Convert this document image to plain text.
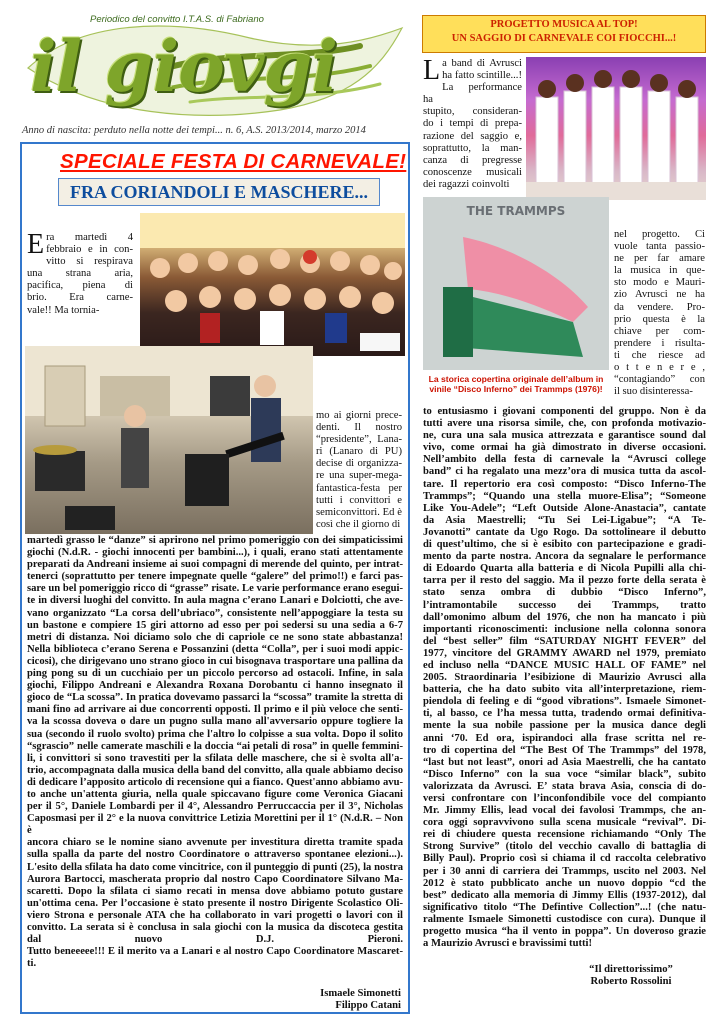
Periodico del convitto I.T.A.S. di Fabriano
il giovgi
Anno di nascita: perduto nella notte dei tempi... n. 6, A.S. 2013/2014, marzo 2014
SPECIALE FESTA DI CARNEVALE!
FRA CORIANDOLI E MASCHERE...
E ra martedì 4
febbraio e in con-
vitto si respirava
una strana aria,
pacifica, piena di
brio. Era carne-
vale!! Ma tornia-
mo ai giorni prece-
denti. Il nostro
“presidente”, Lana-
ri (Lanaro di PU)
decise di organizza-
re una super-mega-
fantastica-festa per
tutti i convittori e
semiconvittori. Ed è
così che il giorno di
martedì grasso le “danze” si aprirono nel primo pomeriggio con dei simpaticissimi
giochi (N.d.R. - giochi innocenti per bambini...), i quali, erano stati attentamente
preparati da Andreani insieme ai suoi compagni di merende del quinto, per intrat-
tenerci (soprattutto per tenere impegnate quelle “galere” del primo!!) e farci pas-
sare un bel pomeriggio ricco di “grasse” risate. Le varie performance erano esegui-
te in diversi luoghi del convitto. In aula magna c’erano Lanari e Dolciotti, che ave-
vano organizzato “La corsa dell’ubriaco”, consistente nell’appoggiare la testa su
un bastone e compiere 15 giri attorno ad esso per poi sedersi su una sedia a 6-7
metri di distanza. Noi diciamo solo che di capriole ce ne sono state abbastanza!
Nella biblioteca c’erano Serena e Possanzini (detta “Colla”, per i suoi modi appic-
cicosi), che dirigevano uno strano gioco in cui bisognava trasportare una pallina da
ping pong su di un cucchiaio per un piccolo percorso ad ostacoli. Infine, in sala
giochi, Filippo Andreani e Alexandra Roxana Dorobantu ci hanno insegnato il
gioco de “La scossa”. In pratica dovevamo passarci la “scossa” tramite la stretta di
mani fino ad arrivare ai due concorrenti opposti. Il primo e il più veloce che senti-
va la scossa doveva o dare un pugno sulla mano all'avversario oppure togliere la
sua (secondo il ruolo svolto) prima che l'altro lo colpisse a sua volta. Dopo il solito
“sgrascio” nelle camerate maschili e la doccia “ai petali di rosa” in quelle femmini-
li, i convittori si sono travestiti per la sfilata delle maschere, che si è svolta all'a-
trio, accompagnata dalla musica della band del convitto, alla quale abbiamo deciso
di dedicare l’apposito articolo di recensione qui a fianco. Quest'anno abbiamo avu-
to anche un'attenta giuria, nella quale spiccavano figure come Veronica Giacani
per il 5°, Daniele Lombardi per il 4°, Alessandro Perruccaccia per il 3°, Nicholas
Caposmasi per il 2° e la nuova convittrice Letizia Morettini per il 1° (N.d.R. – Non è
ancora chiaro se le nomine siano avvenute per investitura diretta tramite spada
sulla spalla da parte del nostro Coordinatore o attraverso spontanee elezioni...).
L'esito della sfilata ha dato come vincitrice, con il punteggio di punti (25), la nostra
Aurora Bartocci, mascherata proprio dal nostro Capo Coordinatore Silvano Ma-
scaretti. Dopo la sfilata ci siamo recati in mensa dove abbiamo potuto gustare
un'ottima cena. Per l’occasione è stato presente il nostro Dirigente Scolastico Oli-
viero Strona e personale ATA che ha collaborato in vari progetti o lavori con il
convitto. La serata si è conclusa in sala giochi con la musica da discoteca gestita
dal nuovo D.J. Pieroni.
Tutto beneeeee!!! E il merito va a Lanari e al nostro Capo Coordinatore Mascaret-
ti.
Ismaele Simonetti
Filippo Catani
PROGETTO MUSICA AL TOP!
UN SAGGIO DI CARNEVALE COI FIOCCHI...!
L a band di Avrusci
ha fatto scintille...!
La performance ha
stupito, consideran-
do i tempi di prepa-
razione del saggio e,
soprattutto, la man-
canza di pregresse
conoscenze musicali
dei ragazzi coinvolti
THE TRAMMPS
La storica copertina originale dell’album in vinile “Disco Inferno” dei Trammps (1976)!
nel progetto. Ci
vuole tanta passio-
ne per far amare
la musica in que-
sto modo e Mauri-
zio Avrusci ne ha
da vendere. Pro-
prio questa è la
chiave per com-
prendere i risulta-
ti che riesce ad
o t t e n e r e ,
“contagiando” con
il suo disinteressa-
to entusiasmo i giovani componenti del gruppo. Non è da
tutti avere una risorsa simile, che, con profonda motivazio-
ne, cura una sala musica attrezzata e garantisce sound dal
vivo, come ormai ha già dimostrato in diverse occasioni.
Nell’ambito della festa di carnevale la “Avrusci college
band” ci ha regalato una mezz’ora di musica tutta da ascol-
tare. Il repertorio era così composto: “Disco Inferno-The
Trammps”; “Quando una stella muore-Elisa”; “Someone
Like You-Adele”; “Left Outside Alone-Anastacia”, cantate
da Asia Maestrelli; “Tu Sei Lei-Ligabue”; “A Te-
Jovanotti” cantate da Ugo Rogo. Da sottolineare il debutto
di quest’ultimo, che si è esibito con partecipazione e gradi-
mento da parte nostra. Ancora da segnalare le performance
di Edoardo Quarta alla batteria e di Nicola Pupilli alla chi-
tarra per il resto del saggio. Ma il pezzo forte della serata è
stato senza ombra di dubbio “Disco Inferno”,
l’intramontabile successo dei Trammps, tratto
dall’omonimo album del 1976, che non ha mancato i più
importanti riconoscimenti: inclusione nella colonna sonora
del “best seller” film “SATURDAY NIGHT FEVER” del
1977, vincitore del GRAMMY AWARD nel 1979, premiato
ed incluso nella “DANCE MUSIC HALL OF FAME” nel
2005. Straordinaria l’esibizione di Maurizio Avrusci alla
batteria, che ha dato subito vita all’interpretazione, riem-
piendola di feeling e di “good vibrations”. Ismaele Simonet-
ti, al basso, ce l’ha messa tutta, tradendo ormai definitiva-
mente la sua nobile passione per la musica dance degli
anni ‘70. Ed ora, ispirandoci alla frase scritta nel re-
tro di copertina del “The Best Of The Trammps” del 1978,
“last but not least”, onori ad Asia Maestrelli, che ha cantato
“Disco Inferno” con la sua voce “similar black”, subito
valorizzata da Avrusci. E’ stata brava Asia, conscia di do-
versi confrontare con l’inconfondibile voce del compianto
Mr. Jimmy Ellis, lead vocal dei favolosi Trammps, che an-
cora oggi sopravvivono sulla scena musicale “revival”. Di-
rei di chiudere questa recensione richiamando “Only The
Strong Survive” (titolo del vecchio cavallo di battaglia di
Billy Paul). Proprio così si chiama il cd raccolta celebrativo
per i 30 anni di carriera dei Trammps, uscito nel 2003. Nel
2012 è stato pubblicato anche un nuovo doppio “cd the
best” dedicato alla memoria di Jimmy Ellis (1937-2012), dal
significativo titolo “The Defintive Collection”...! (che natu-
ralmente Ismaele Simonetti custodisce con cura). Dunque il
progetto musica “ha il vento in poppa”. Un doveroso grazie
a Maurizio Avrusci e bravissimi tutti!
“Il direttorissimo”
Roberto Rossolini
